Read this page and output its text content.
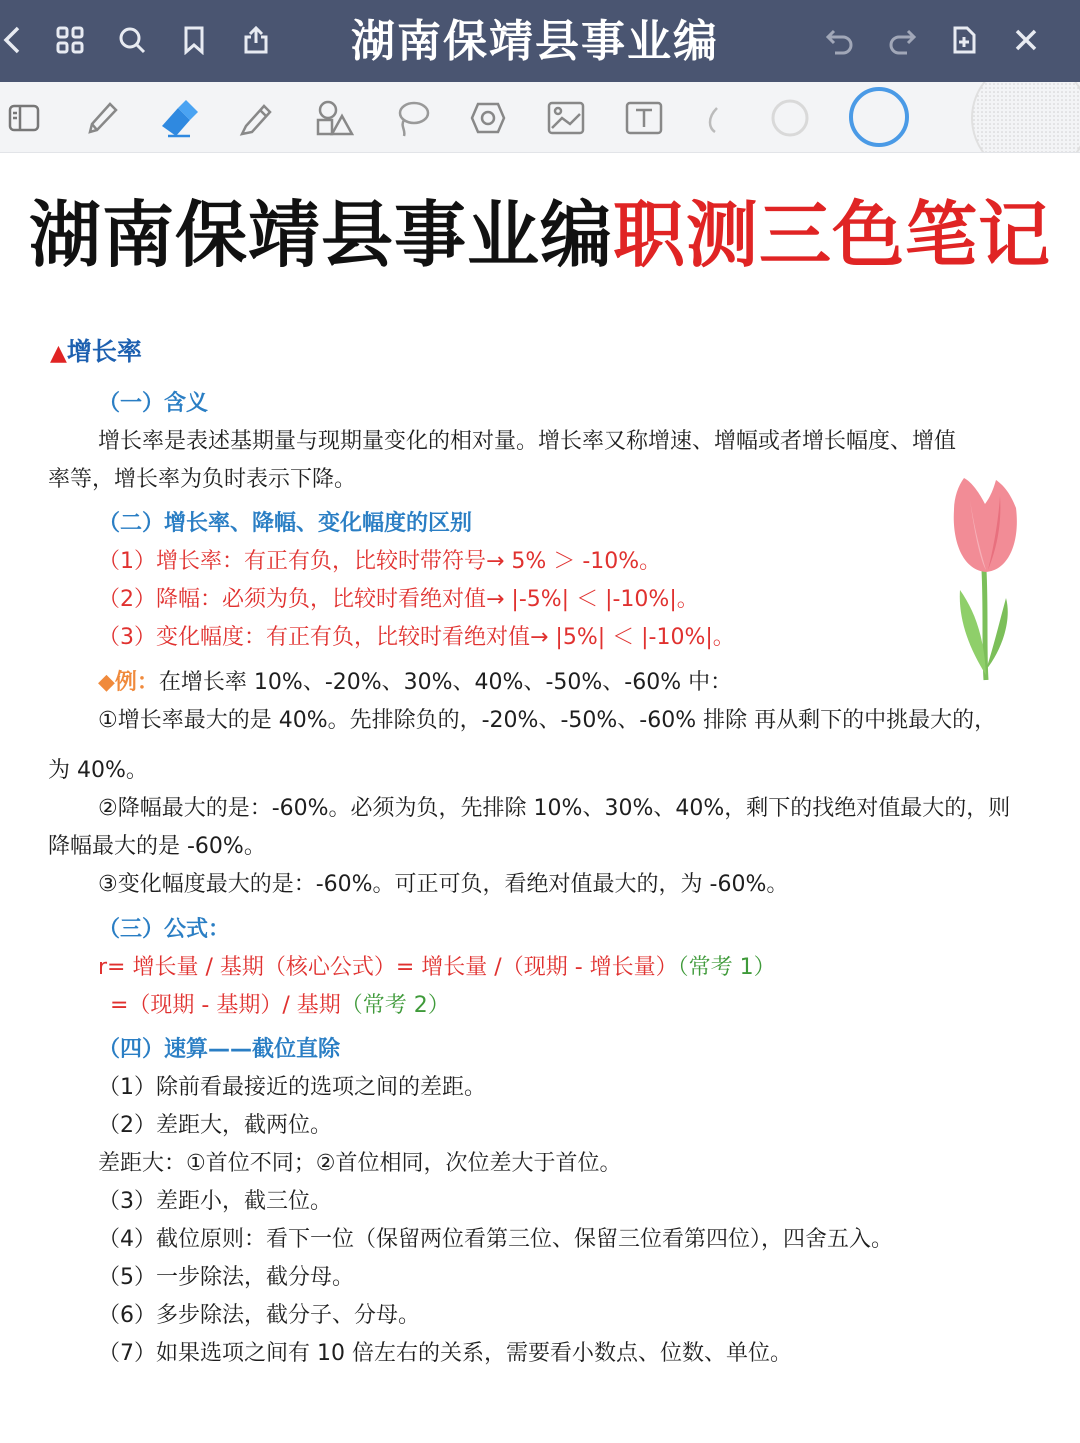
湖南保靖县事业编
湖南保靖县事业编职测三色笔记
▲增长率
（一）含义
增长率是表述基期量与现期量变化的相对量。增长率又称增速、增幅或者增长幅度、增值
率等，增长率为负时表示下降。
（二）增长率、降幅、变化幅度的区别
（1）增长率：有正有负，比较时带符号→ 5% ＞ -10%。
（2）降幅：必须为负，比较时看绝对值→ |-5%| ＜ |-10%|。
（3）变化幅度：有正有负，比较时看绝对值→ |5%| ＜ |-10%|。
◆例：在增长率 10%、-20%、30%、40%、-50%、-60% 中：
①增长率最大的是 40%。先排除负的，-20%、-50%、-60% 排除 再从剩下的中挑最大的，
为 40%。
②降幅最大的是：-60%。必须为负，先排除 10%、30%、40%，剩下的找绝对值最大的，则
降幅最大的是 -60%。
③变化幅度最大的是：-60%。可正可负，看绝对值最大的，为 -60%。
（三）公式：
r= 增长量 / 基期（核心公式）= 增长量 /（现期 - 增长量）（常考 1）
=（现期 - 基期）/ 基期（常考 2）
（四）速算——截位直除
（1）除前看最接近的选项之间的差距。
（2）差距大，截两位。
差距大：①首位不同；②首位相同，次位差大于首位。
（3）差距小，截三位。
（4）截位原则：看下一位（保留两位看第三位、保留三位看第四位），四舍五入。
（5）一步除法，截分母。
（6）多步除法，截分子、分母。
（7）如果选项之间有 10 倍左右的关系，需要看小数点、位数、单位。
